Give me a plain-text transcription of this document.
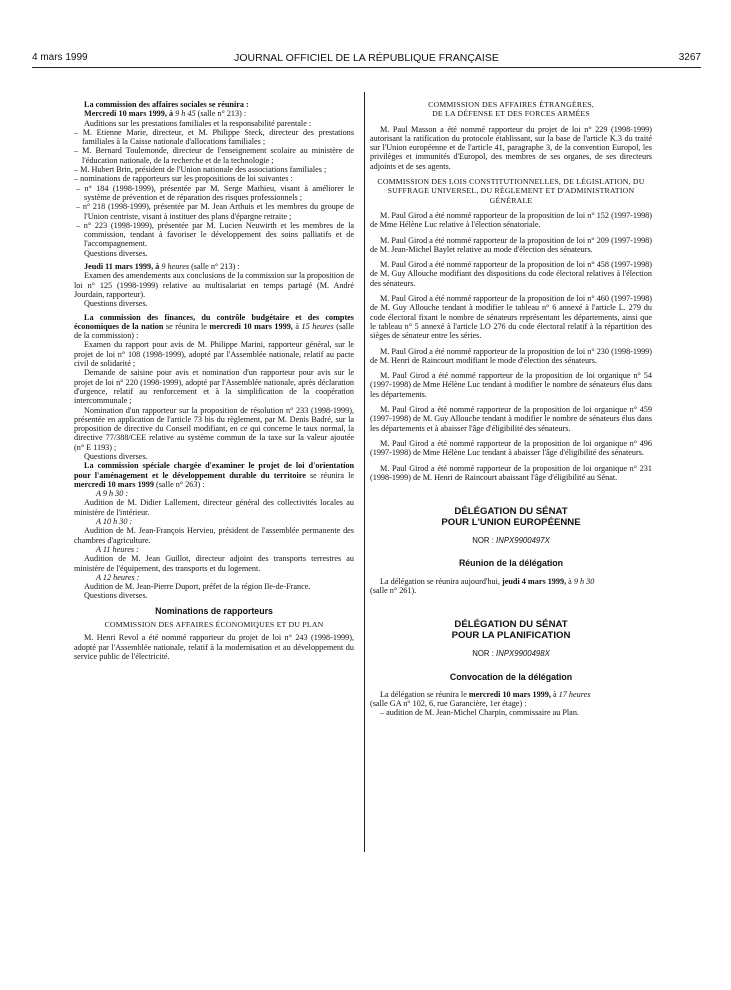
4 mars 1999	JOURNAL OFFICIEL DE LA RÉPUBLIQUE FRANÇAISE	3267

La commission des affaires sociales se réunira :

Mercredi 10 mars 1999, à 9 h 45 (salle n° 213) :

Auditions sur les prestations familiales et la responsabilité parentale :

– M. Etienne Marie, directeur, et M. Philippe Steck, directeur des prestations familiales à la Caisse nationale d'allocations familiales ;

– M. Bernard Toulemonde, directeur de l'enseignement scolaire au ministère de l'éducation nationale, de la recherche et de la technologie ;

– M. Hubert Brin, président de l'Union nationale des associations familiales ;

– nominations de rapporteurs sur les propositions de loi suivantes :

– n° 184 (1998-1999), présentée par M. Serge Mathieu, visant à améliorer le système de prévention et de réparation des risques professionnels ;

– n° 218 (1998-1999), présentée par M. Jean Arthuis et les membres du groupe de l'Union centriste, visant à instituer des plans d'épargne retraite ;

– n° 223 (1998-1999), présentée par M. Lucien Neuwirth et les membres de la commission, tendant à favoriser le développement des soins palliatifs et de l'accompagnement.

Questions diverses.

Jeudi 11 mars 1999, à 9 heures (salle n° 213) :

Examen des amendements aux conclusions de la commission sur la proposition de loi n° 125 (1998-1999) relative au multisalariat en temps partagé (M. André Jourdain, rapporteur).

Questions diverses.

La commission des finances, du contrôle budgétaire et des comptes économiques de la nation se réunira le mercredi 10 mars 1999, à 15 heures (salle de la commission) :

Examen du rapport pour avis de M. Philippe Marini, rapporteur général, sur le projet de loi n° 108 (1998-1999), adopté par l'Assemblée nationale, relatif au pacte civil de solidarité ;

Demande de saisine pour avis et nomination d'un rapporteur pour avis sur le projet de loi n° 220 (1998-1999), adopté par l'Assemblée nationale, après déclaration d'urgence, relatif au renforcement et à la simplification de la coopération intercommunale ;

Nomination d'un rapporteur sur la proposition de résolution n° 233 (1998-1999), présentée en application de l'article 73 bis du règlement, par M. Denis Badré, sur la proposition de directive du Conseil modifiant, en ce qui concerne le taux normal, la directive 77/388/CEE relative au système commun de la taxe sur la valeur ajoutée (n° E 1193) ;

Questions diverses.

La commission spéciale chargée d'examiner le projet de loi d'orientation pour l'aménagement et le développement durable du territoire se réunira le mercredi 10 mars 1999 (salle n° 263) :

A 9 h 30 :

Audition de M. Didier Lallement, directeur général des collectivités locales au ministère de l'intérieur.

A 10 h 30 :

Audition de M. Jean-François Hervieu, président de l'assemblée permanente des chambres d'agriculture.

A 11 heures :

Audition de M. Jean Guillot, directeur adjoint des transports terrestres au ministère de l'équipement, des transports et du logement.

A 12 heures :

Audition de M. Jean-Pierre Duport, préfet de la région Ile-de-France.

Questions diverses.

Nominations de rapporteurs

COMMISSION DES AFFAIRES ÉCONOMIQUES ET DU PLAN

M. Henri Revol a été nommé rapporteur du projet de loi n° 243 (1998-1999), adopté par l'Assemblée nationale, relatif à la modernisation et au développement du service public de l'électricité.

COMMISSION DES AFFAIRES ÉTRANGÈRES,

DE LA DÉFENSE ET DES FORCES ARMÉES

M. Paul Masson a été nommé rapporteur du projet de loi n° 229 (1998-1999) autorisant la ratification du protocole établissant, sur la base de l'article K.3 du traité sur l'Union européenne et de l'article 41, paragraphe 3, de la convention Europol, les privilèges et immunités d'Europol, des membres de ses organes, de ses directeurs adjoints et de ses agents.

COMMISSION DES LOIS CONSTITUTIONNELLES, DE LÉGISLATION, DU SUFFRAGE UNIVERSEL, DU RÈGLEMENT ET D'ADMINISTRATION GÉNÉRALE

M. Paul Girod a été nommé rapporteur de la proposition de loi n° 152 (1997-1998) de Mme Hélène Luc relative à l'élection sénatoriale.

M. Paul Girod a été nommé rapporteur de la proposition de loi n° 209 (1997-1998) de M. Jean-Michel Baylet relative au mode d'élection des sénateurs.

M. Paul Girod a été nommé rapporteur de la proposition de loi n° 458 (1997-1998) de M. Guy Allouche modifiant des dispositions du code électoral relatives à l'élection des sénateurs.

M. Paul Girod a été nommé rapporteur de la proposition de loi n° 460 (1997-1998) de M. Guy Allouche tendant à modifier le tableau n° 6 annexé à l'article L. 279 du code électoral fixant le nombre de sénateurs représentant les départements, ainsi que le tableau n° 5 annexé à l'article LO 276 du code électoral relatif à la répartition des sièges de sénateur entre les séries.

M. Paul Girod a été nommé rapporteur de la proposition de loi n° 230 (1998-1999) de M. Henri de Raincourt modifiant le mode d'élection des sénateurs.

M. Paul Girod a été nommé rapporteur de la proposition de loi organique n° 54 (1997-1998) de Mme Hélène Luc tendant à modifier le nombre de sénateurs élus dans les départements.

M. Paul Girod a été nommé rapporteur de la proposition de loi organique n° 459 (1997-1998) de M. Guy Allouche tendant à modifier le nombre de sénateurs élus dans les départements et à abaisser l'âge d'éligibilité des sénateurs.

M. Paul Girod a été nommé rapporteur de la proposition de loi organique n° 496 (1997-1998) de Mme Hélène Luc tendant à abaisser l'âge d'éligibilité des sénateurs.

M. Paul Girod a été nommé rapporteur de la proposition de loi organique n° 231 (1998-1999) de M. Henri de Raincourt abaissant l'âge d'éligibilité au Sénat.

DÉLÉGATION DU SÉNAT

POUR L'UNION EUROPÉENNE

NOR : INPX9900497X

Réunion de la délégation

La délégation se réunira aujourd'hui, jeudi 4 mars 1999, à 9 h 30

(salle n° 261).

DÉLÉGATION DU SÉNAT

POUR LA PLANIFICATION

NOR : INPX9900498X

Convocation de la délégation

La délégation se réunira le mercredi 10 mars 1999, à 17 heures

(salle GA n° 102, 6, rue Garancière, 1er étage) :

– audition de M. Jean-Michel Charpin, commissaire au Plan.
